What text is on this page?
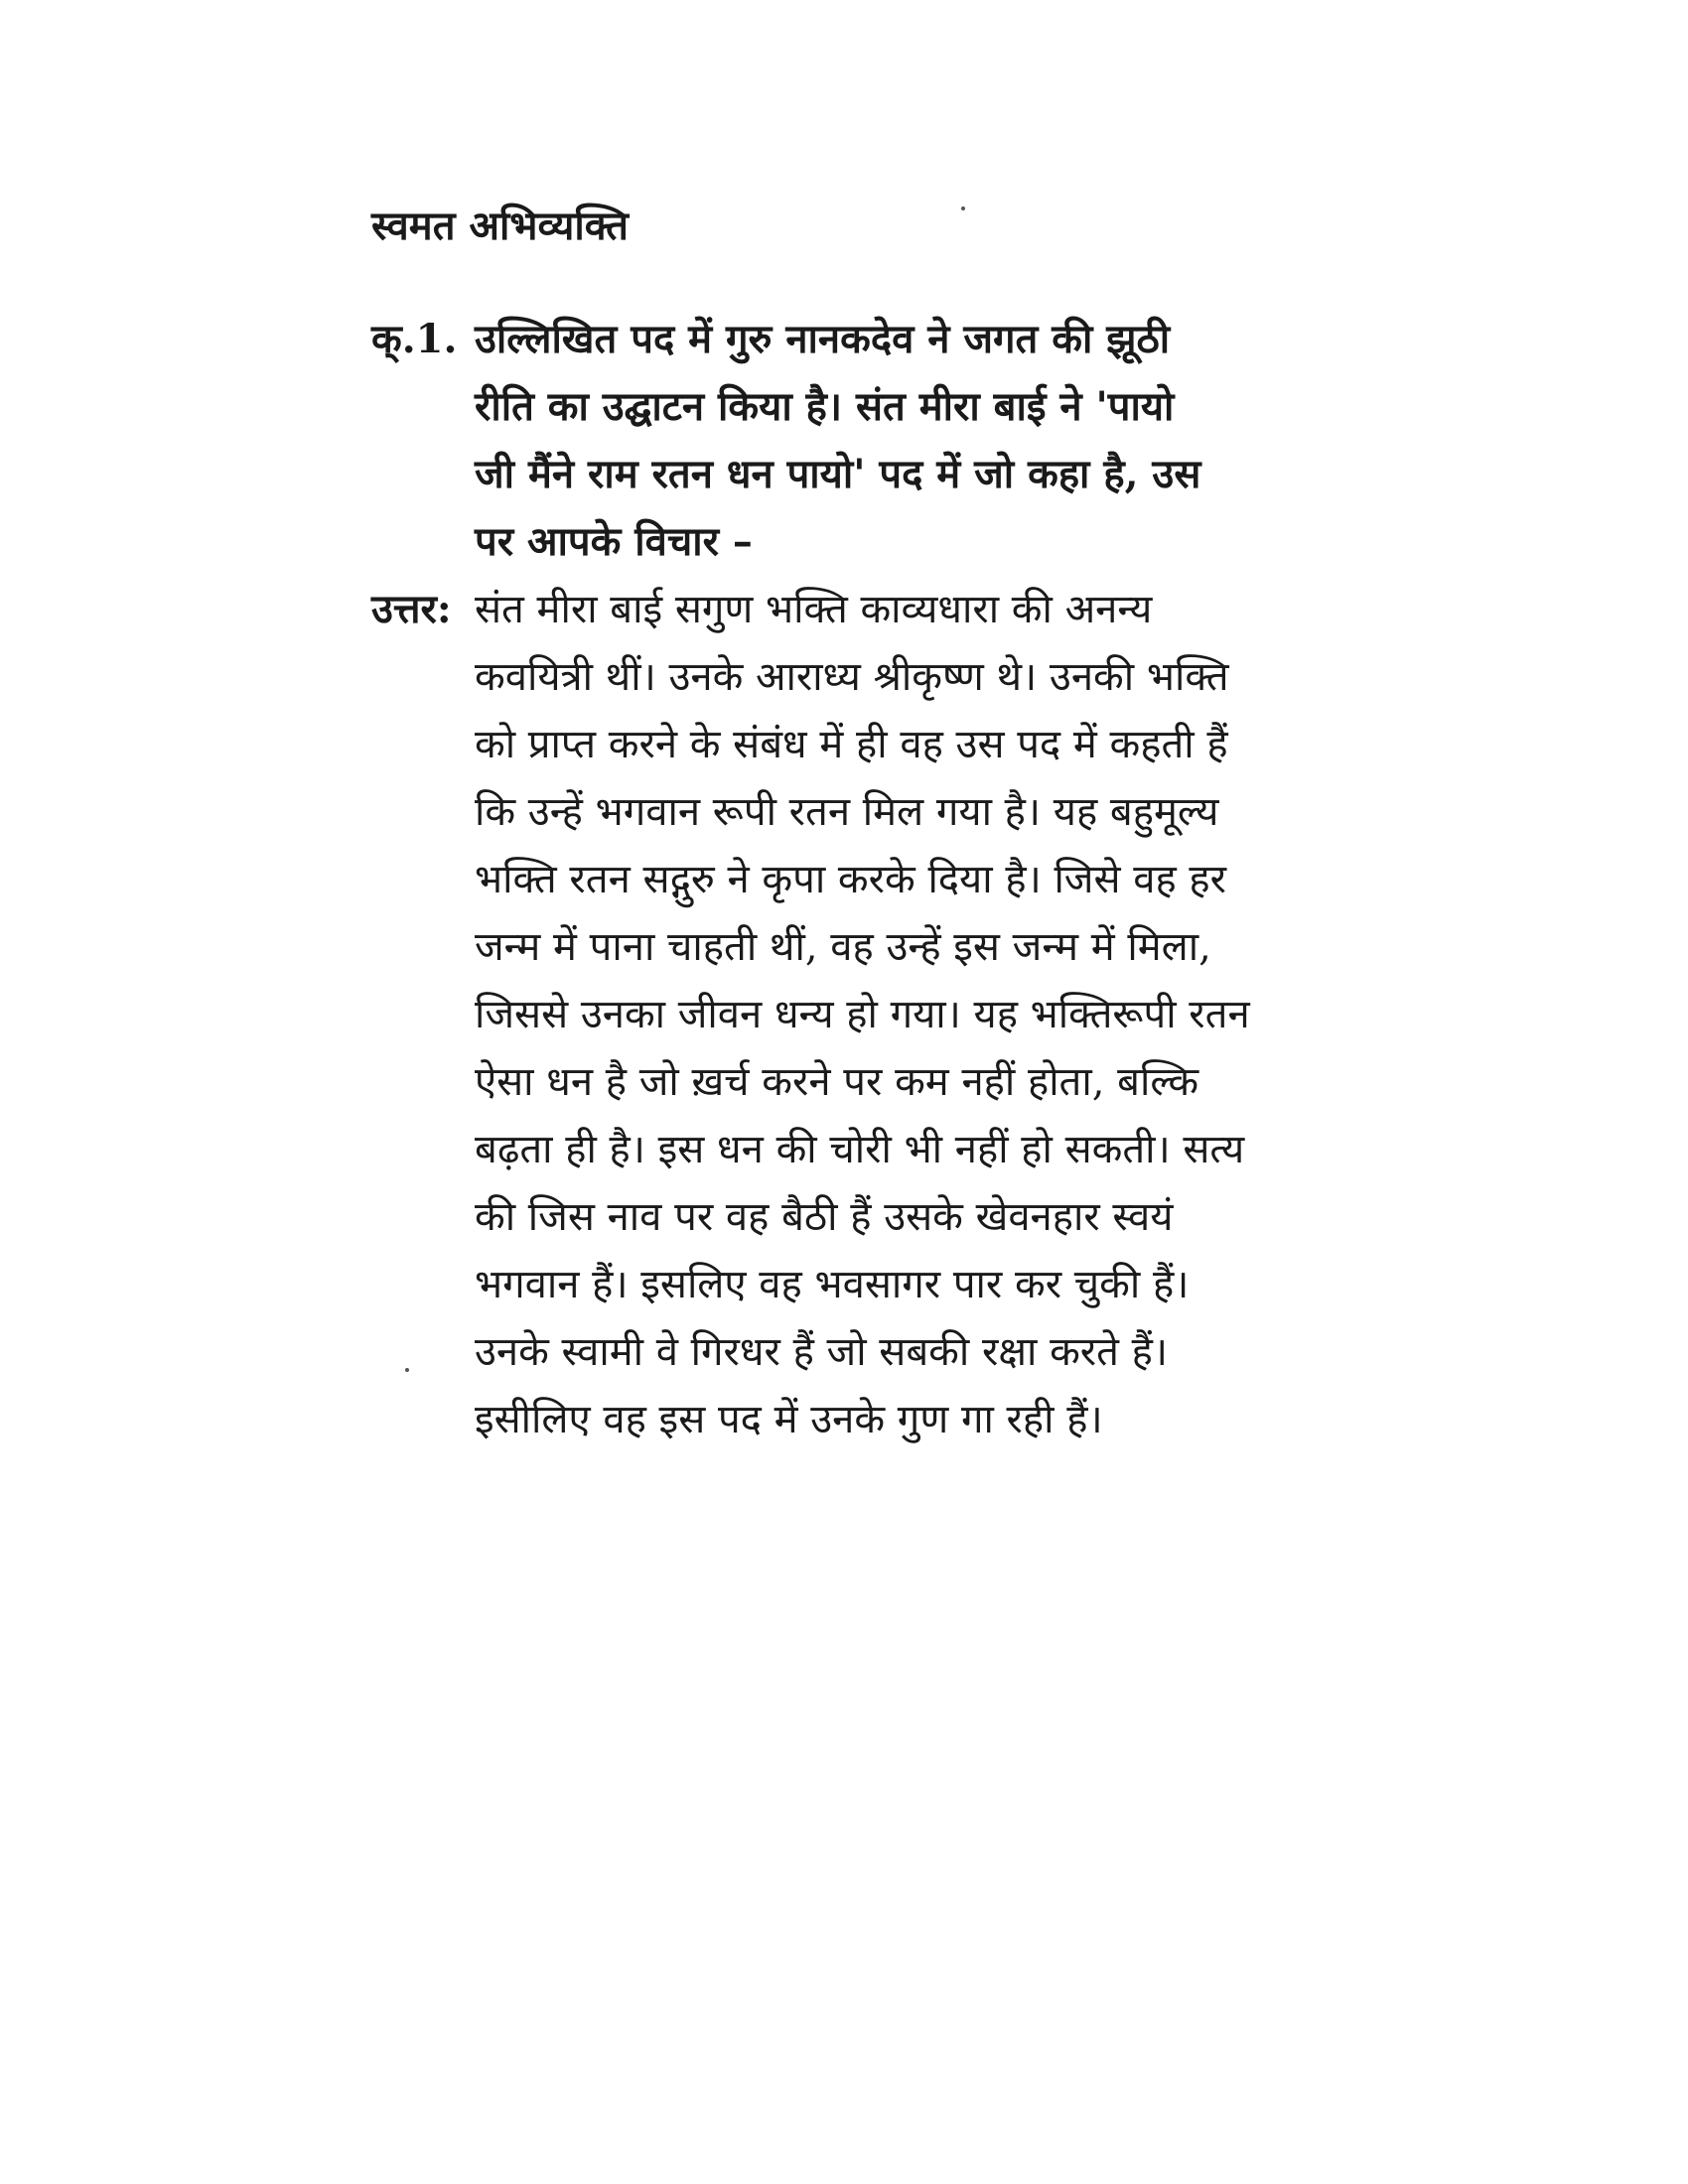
स्वमत अभिव्यक्ति
क्.1. उल्लिखित पद में गुरु नानकदेव ने जगत की झूठी
रीति का उद्घाटन किया है। संत मीरा बाई ने 'पायो
जी मैंने राम रतन धन पायो' पद में जो कहा है, उस
पर आपके विचार –
उत्तर: संत मीरा बाई सगुण भक्ति काव्यधारा की अनन्य
कवयित्री थीं। उनके आराध्य श्रीकृष्ण थे। उनकी भक्ति
को प्राप्त करने के संबंध में ही वह उस पद में कहती हैं
कि उन्हें भगवान रूपी रतन मिल गया है। यह बहुमूल्य
भक्ति रतन सद्गुरु ने कृपा करके दिया है। जिसे वह हर
जन्म में पाना चाहती थीं, वह उन्हें इस जन्म में मिला,
जिससे उनका जीवन धन्य हो गया। यह भक्तिरूपी रतन
ऐसा धन है जो ख़र्च करने पर कम नहीं होता, बल्कि
बढ़ता ही है। इस धन की चोरी भी नहीं हो सकती। सत्य
की जिस नाव पर वह बैठी हैं उसके खेवनहार स्वयं
भगवान हैं। इसलिए वह भवसागर पार कर चुकी हैं।
उनके स्वामी वे गिरधर हैं जो सबकी रक्षा करते हैं।
इसीलिए वह इस पद में उनके गुण गा रही हैं।
